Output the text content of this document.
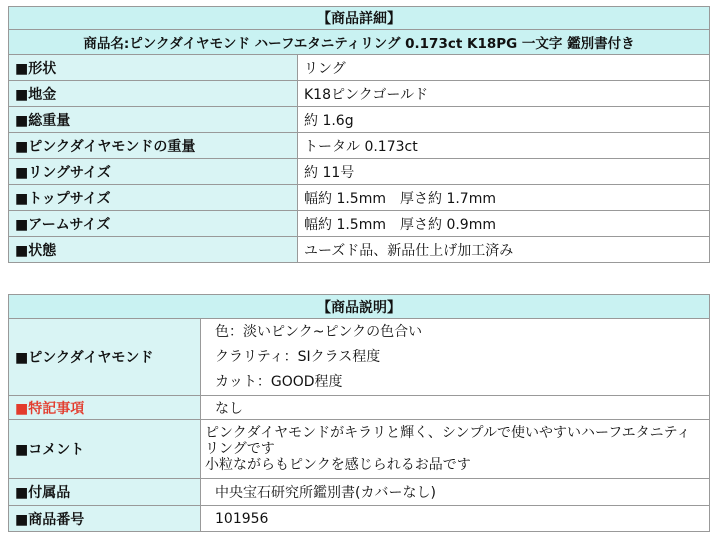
【商品詳細】	
商品名:ピンクダイヤモンド ハーフエタニティリング 0.173ct K18PG 一文字 鑑別書付き	
■形状	リング
■地金	K18ピンクゴールド
■総重量	約 1.6g
■ピンクダイヤモンドの重量	トータル 0.173ct
■リングサイズ	約 11号
■トップサイズ	幅約 1.5mm　厚さ約 1.7mm
■アームサイズ	幅約 1.5mm　厚さ約 0.9mm
■状態	ユーズド品、新品仕上げ加工済み
【商品説明】	
■ピンクダイヤモンド	色：淡いピンク~ピンクの色合い
クラリティ：SIクラス程度
カット：GOOD程度

■特記事項	なし
■コメント	ピンクダイヤモンドがキラリと輝く、シンプルで使いやすいハーフエタニティ
リングです
小粒ながらもピンクを感じられるお品です

■付属品	中央宝石研究所鑑別書(カバーなし)
■商品番号	101956
